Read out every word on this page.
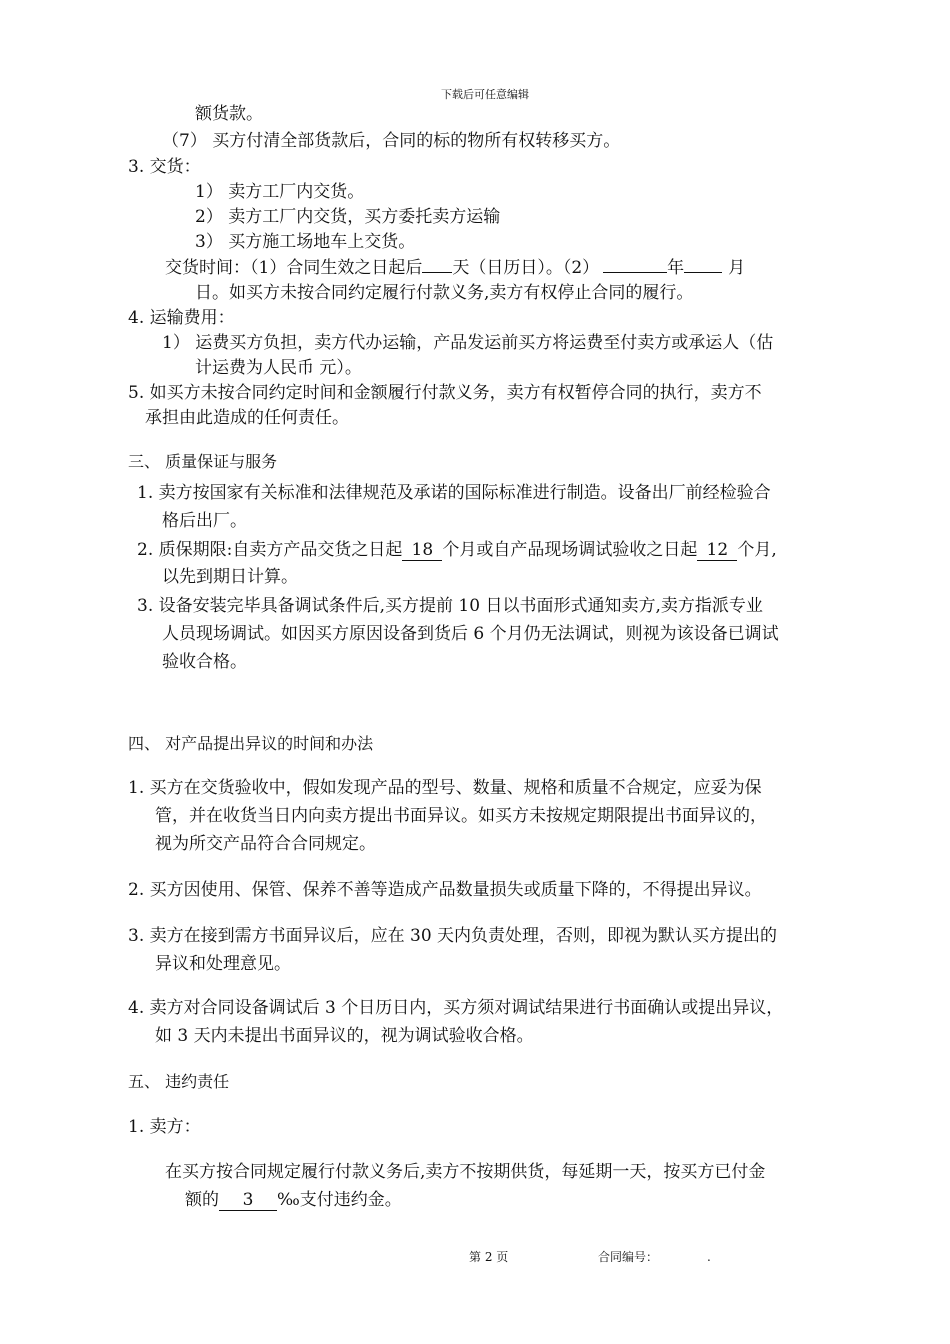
下载后可任意编辑
额货款。
（7） 买方付清全部货款后，合同的标的物所有权转移买方。
3. 交货：
1） 卖方工厂内交货。
2） 卖方工厂内交货，买方委托卖方运输
3） 买方施工场地车上交货。
交货时间：（1）合同生效之日起后 天（日历日）。（2）	年	月
日。如买方未按合同约定履行付款义务,卖方有权停止合同的履行。
4. 运输费用：
1） 运费买方负担，卖方代办运输，产品发运前买方将运费至付卖方或承运人（估
计运费为人民币 元）。
5. 如买方未按合同约定时间和金额履行付款义务，卖方有权暂停合同的执行，卖方不
承担由此造成的任何责任。
三、 质量保证与服务
1. 卖方按国家有关标准和法律规范及承诺的国际标准进行制造。设备出厂前经检验合
格后出厂。
2. 质保期限:自卖方产品交货之日起 18 个月或自产品现场调试验收之日起 12 个月,
以先到期日计算。
3. 设备安装完毕具备调试条件后,买方提前 10 日以书面形式通知卖方,卖方指派专业
人员现场调试。如因买方原因设备到货后 6 个月仍无法调试，则视为该设备已调试
验收合格。
四、 对产品提出异议的时间和办法
1. 买方在交货验收中，假如发现产品的型号、数量、规格和质量不合规定，应妥为保
管，并在收货当日内向卖方提出书面异议。如买方未按规定期限提出书面异议的，
视为所交产品符合合同规定。
2. 买方因使用、保管、保养不善等造成产品数量损失或质量下降的，不得提出异议。
3. 卖方在接到需方书面异议后，应在 30 天内负责处理，否则，即视为默认买方提出的
异议和处理意见。
4. 卖方对合同设备调试后 3 个日历日内，买方须对调试结果进行书面确认或提出异议，
如 3 天内未提出书面异议的，视为调试验收合格。
五、 违约责任
1. 卖方：
在买方按合同规定履行付款义务后,卖方不按期供货，每延期一天，按买方已付金
额的 3 ‰支付违约金。
第 2 页	合同编号：	.
